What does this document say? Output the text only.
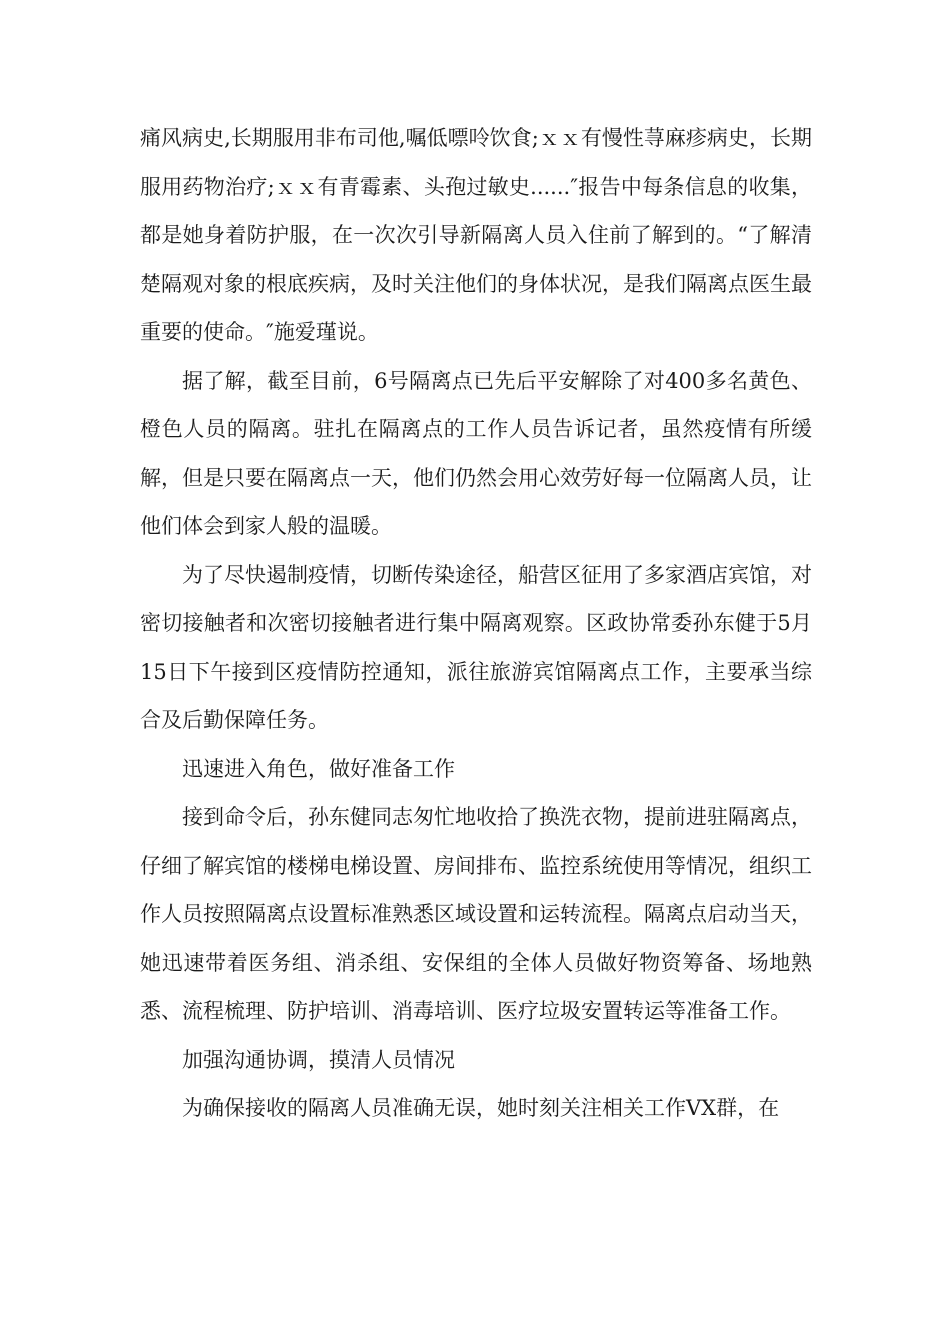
痛风病史,长期服用非布司他,嘱低嘌呤饮食;ｘｘ有慢性荨麻疹病史，长期服用药物治疗;ｘｘ有青霉素、头孢过敏史......″报告中每条信息的收集，都是她身着防护服，在一次次引导新隔离人员入住前了解到的。“了解清楚隔观对象的根底疾病，及时关注他们的身体状况，是我们隔离点医生最重要的使命。″施爱瑾说。

据了解，截至目前，6号隔离点已先后平安解除了对400多名黄色、橙色人员的隔离。驻扎在隔离点的工作人员告诉记者，虽然疫情有所缓解，但是只要在隔离点一天，他们仍然会用心效劳好每一位隔离人员，让他们体会到家人般的温暖。

为了尽快遏制疫情，切断传染途径，船营区征用了多家酒店宾馆，对密切接触者和次密切接触者进行集中隔离观察。区政协常委孙东健于5月15日下午接到区疫情防控通知，派往旅游宾馆隔离点工作，主要承当综合及后勤保障任务。

迅速进入角色，做好准备工作

接到命令后，孙东健同志匆忙地收拾了换洗衣物，提前进驻隔离点，仔细了解宾馆的楼梯电梯设置、房间排布、监控系统使用等情况，组织工作人员按照隔离点设置标准熟悉区域设置和运转流程。隔离点启动当天，她迅速带着医务组、消杀组、安保组的全体人员做好物资筹备、场地熟悉、流程梳理、防护培训、消毒培训、医疗垃圾安置转运等准备工作。

加强沟通协调，摸清人员情况

为确保接收的隔离人员准确无误，她时刻关注相关工作VX群，在
